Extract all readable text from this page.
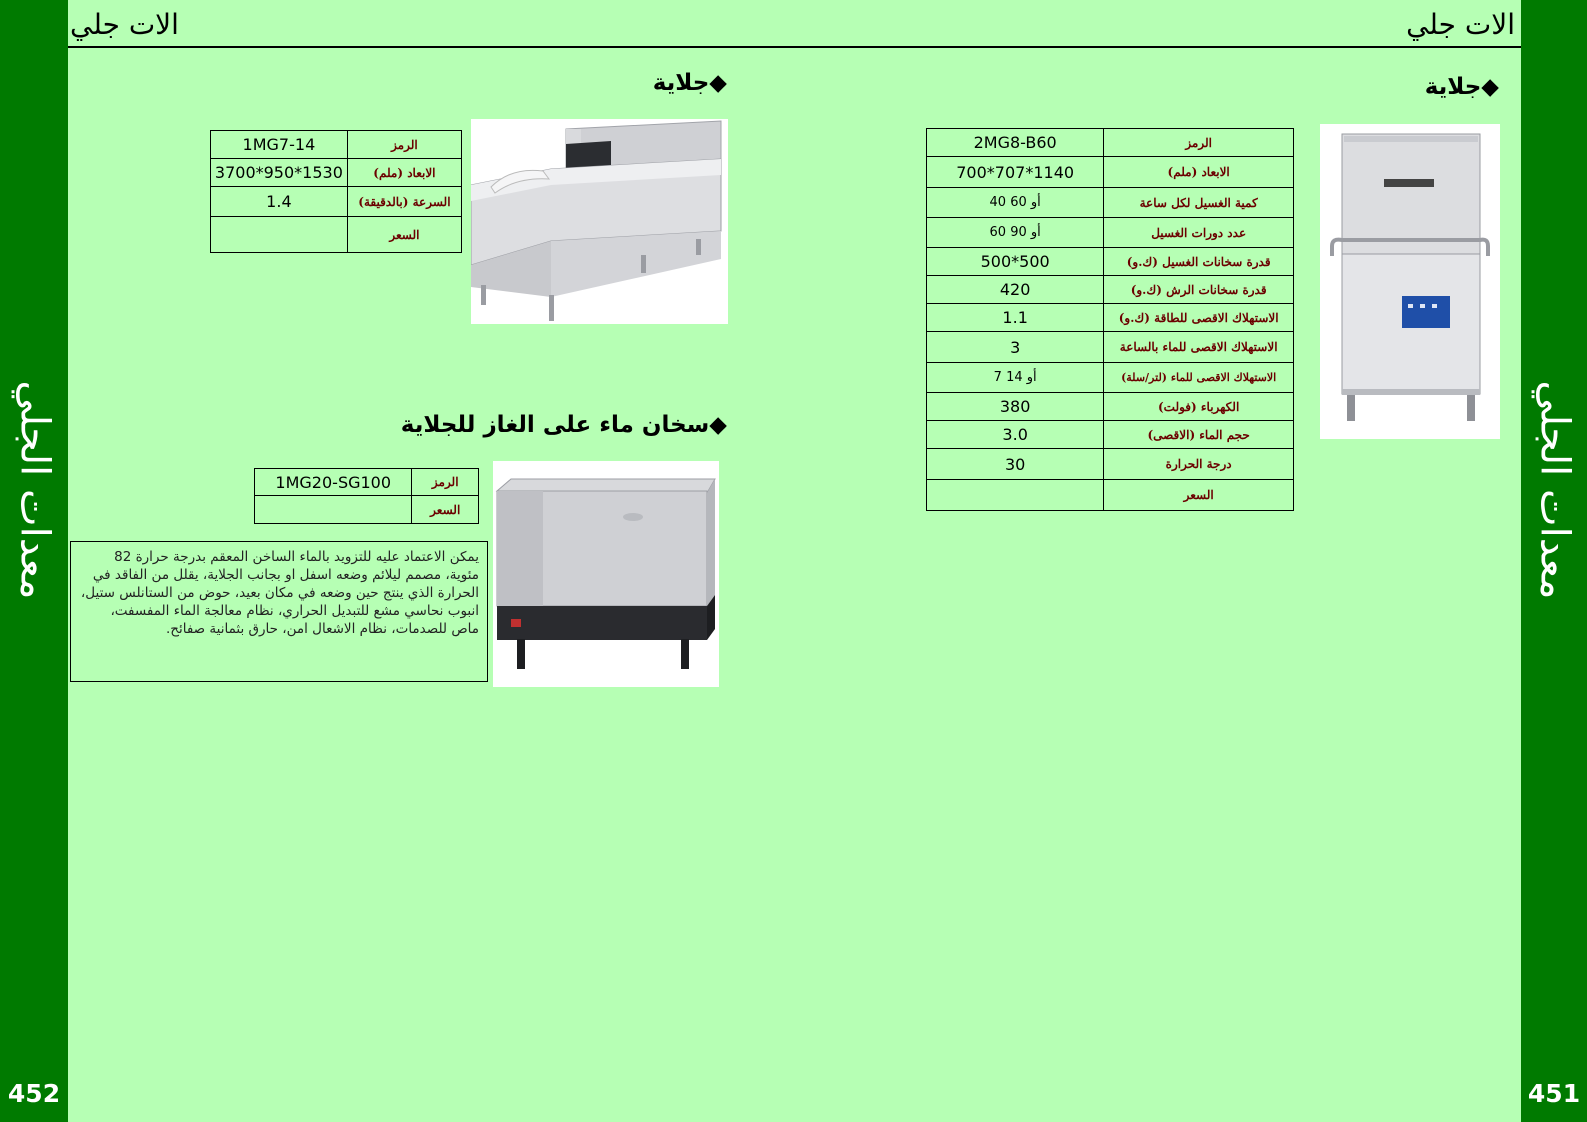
معدات الجلي
452
معدات الجلي
451
الات جلي	الات جلي
◆جلاية
2MG8-B60	الرمز
700*707*1140	الابعاد (ملم)
40 أو 60	كمية الغسيل لكل ساعة
60 أو 90	عدد دورات الغسيل
500*500	قدرة سخانات الغسيل (ك.و)
420	قدرة سخانات الرش (ك.و)
1.1	الاستهلاك الاقصى للطاقة (ك.و)
3	الاستهلاك الاقصى للماء بالساعة
7 أو 14	الاستهلاك الاقصى للماء (لتر/سلة)
380	الكهرباء (فولت)
3.0	حجم الماء (الاقصى)
30	درجة الحرارة
	السعر
◆جلاية
1MG7-14	الرمز
3700*950*1530	الابعاد (ملم)
1.4	السرعة (بالدقيقة)
	السعر
◆سخان ماء على الغاز للجلاية
1MG20-SG100	الرمز
	السعر
يمكن الاعتماد عليه للتزويد بالماء الساخن المعقم بدرجة حرارة 82 مئوية، مصمم ليلائم وضعه اسفل او بجانب الجلاية، يقلل من الفاقد في الحرارة الذي ينتج حين وضعه في مكان بعيد، حوض من الستانلس ستيل، انبوب نحاسي مشع للتبديل الحراري، نظام معالجة الماء المفسفت، ماص للصدمات، نظام الاشعال امن، حارق بثمانية صفائح.
